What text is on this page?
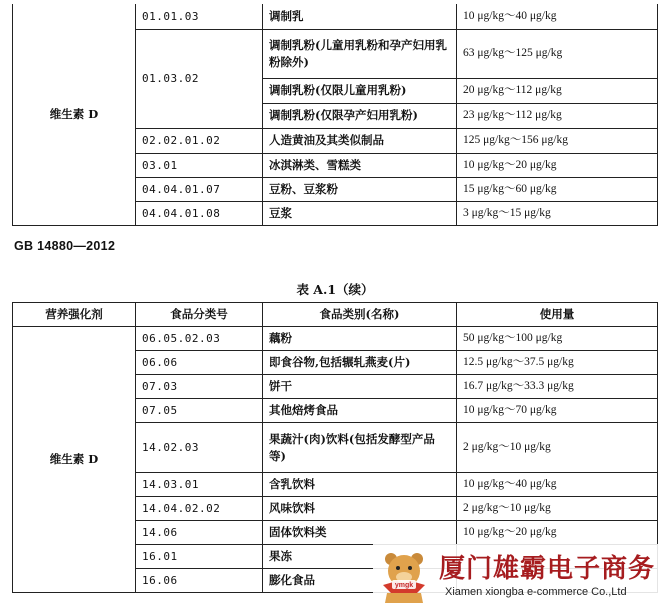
维生素 D	01.01.03	调制乳	10 μg/kg～40 μg/kg
	01.03.02	调制乳粉(儿童用乳粉和孕产妇用乳粉除外)	63 μg/kg～125 μg/kg
		调制乳粉(仅限儿童用乳粉)	20 μg/kg～112 μg/kg
		调制乳粉(仅限孕产妇用乳粉)	23 μg/kg～112 μg/kg
	02.02.01.02	人造黄油及其类似制品	125 μg/kg～156 μg/kg
	03.01	冰淇淋类、雪糕类	10 μg/kg～20 μg/kg
	04.04.01.07	豆粉、豆浆粉	15 μg/kg～60 μg/kg
	04.04.01.08	豆浆	3 μg/kg～15 μg/kg
GB 14880—2012
表 A.1（续）
营养强化剂	食品分类号	食品类别(名称)	使用量
维生素 D	06.05.02.03	藕粉	50 μg/kg～100 μg/kg
	06.06	即食谷物,包括辗轧燕麦(片)	12.5 μg/kg～37.5 μg/kg
	07.03	饼干	16.7 μg/kg～33.3 μg/kg
	07.05	其他焙烤食品	10 μg/kg～70 μg/kg
	14.02.03	果蔬汁(肉)饮料(包括发酵型产品等)	2 μg/kg～10 μg/kg
	14.03.01	含乳饮料	10 μg/kg～40 μg/kg
	14.04.02.02	风味饮料	2 μg/kg～10 μg/kg
	14.06	固体饮料类	10 μg/kg～20 μg/kg
	16.01	果冻	
	16.06	膨化食品		ymgk
厦门雄霸电子商务
Xiamen xiongba e-commerce Co.,Ltd
